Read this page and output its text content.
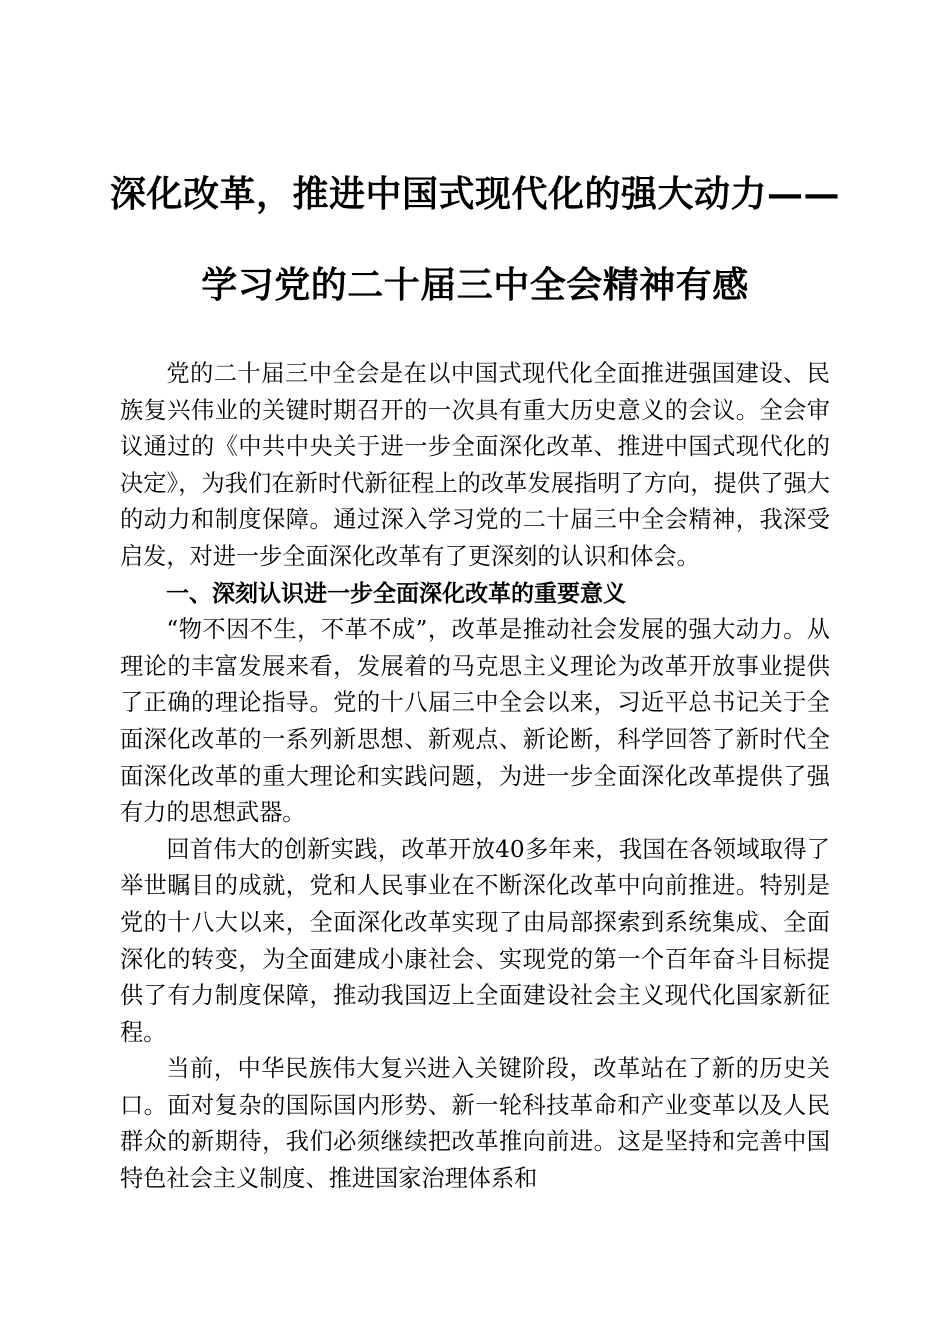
深化改革，推进中国式现代化的强大动力——
学习党的二十届三中全会精神有感

党的二十届三中全会是在以中国式现代化全面推进强国建设、民族复兴伟业的关键时期召开的一次具有重大历史意义的会议。全会审议通过的《中共中央关于进一步全面深化改革、推进中国式现代化的决定》，为我们在新时代新征程上的改革发展指明了方向，提供了强大的动力和制度保障。通过深入学习党的二十届三中全会精神，我深受启发，对进一步全面深化改革有了更深刻的认识和体会。

一、深刻认识进一步全面深化改革的重要意义

“物不因不生，不革不成”，改革是推动社会发展的强大动力。从理论的丰富发展来看，发展着的马克思主义理论为改革开放事业提供了正确的理论指导。党的十八届三中全会以来，习近平总书记关于全面深化改革的一系列新思想、新观点、新论断，科学回答了新时代全面深化改革的重大理论和实践问题，为进一步全面深化改革提供了强有力的思想武器。

回首伟大的创新实践，改革开放40多年来，我国在各领域取得了举世瞩目的成就，党和人民事业在不断深化改革中向前推进。特别是党的十八大以来，全面深化改革实现了由局部探索到系统集成、全面深化的转变，为全面建成小康社会、实现党的第一个百年奋斗目标提供了有力制度保障，推动我国迈上全面建设社会主义现代化国家新征程。

当前，中华民族伟大复兴进入关键阶段，改革站在了新的历史关口。面对复杂的国际国内形势、新一轮科技革命和产业变革以及人民群众的新期待，我们必须继续把改革推向前进。这是坚持和完善中国特色社会主义制度、推进国家治理体系和
